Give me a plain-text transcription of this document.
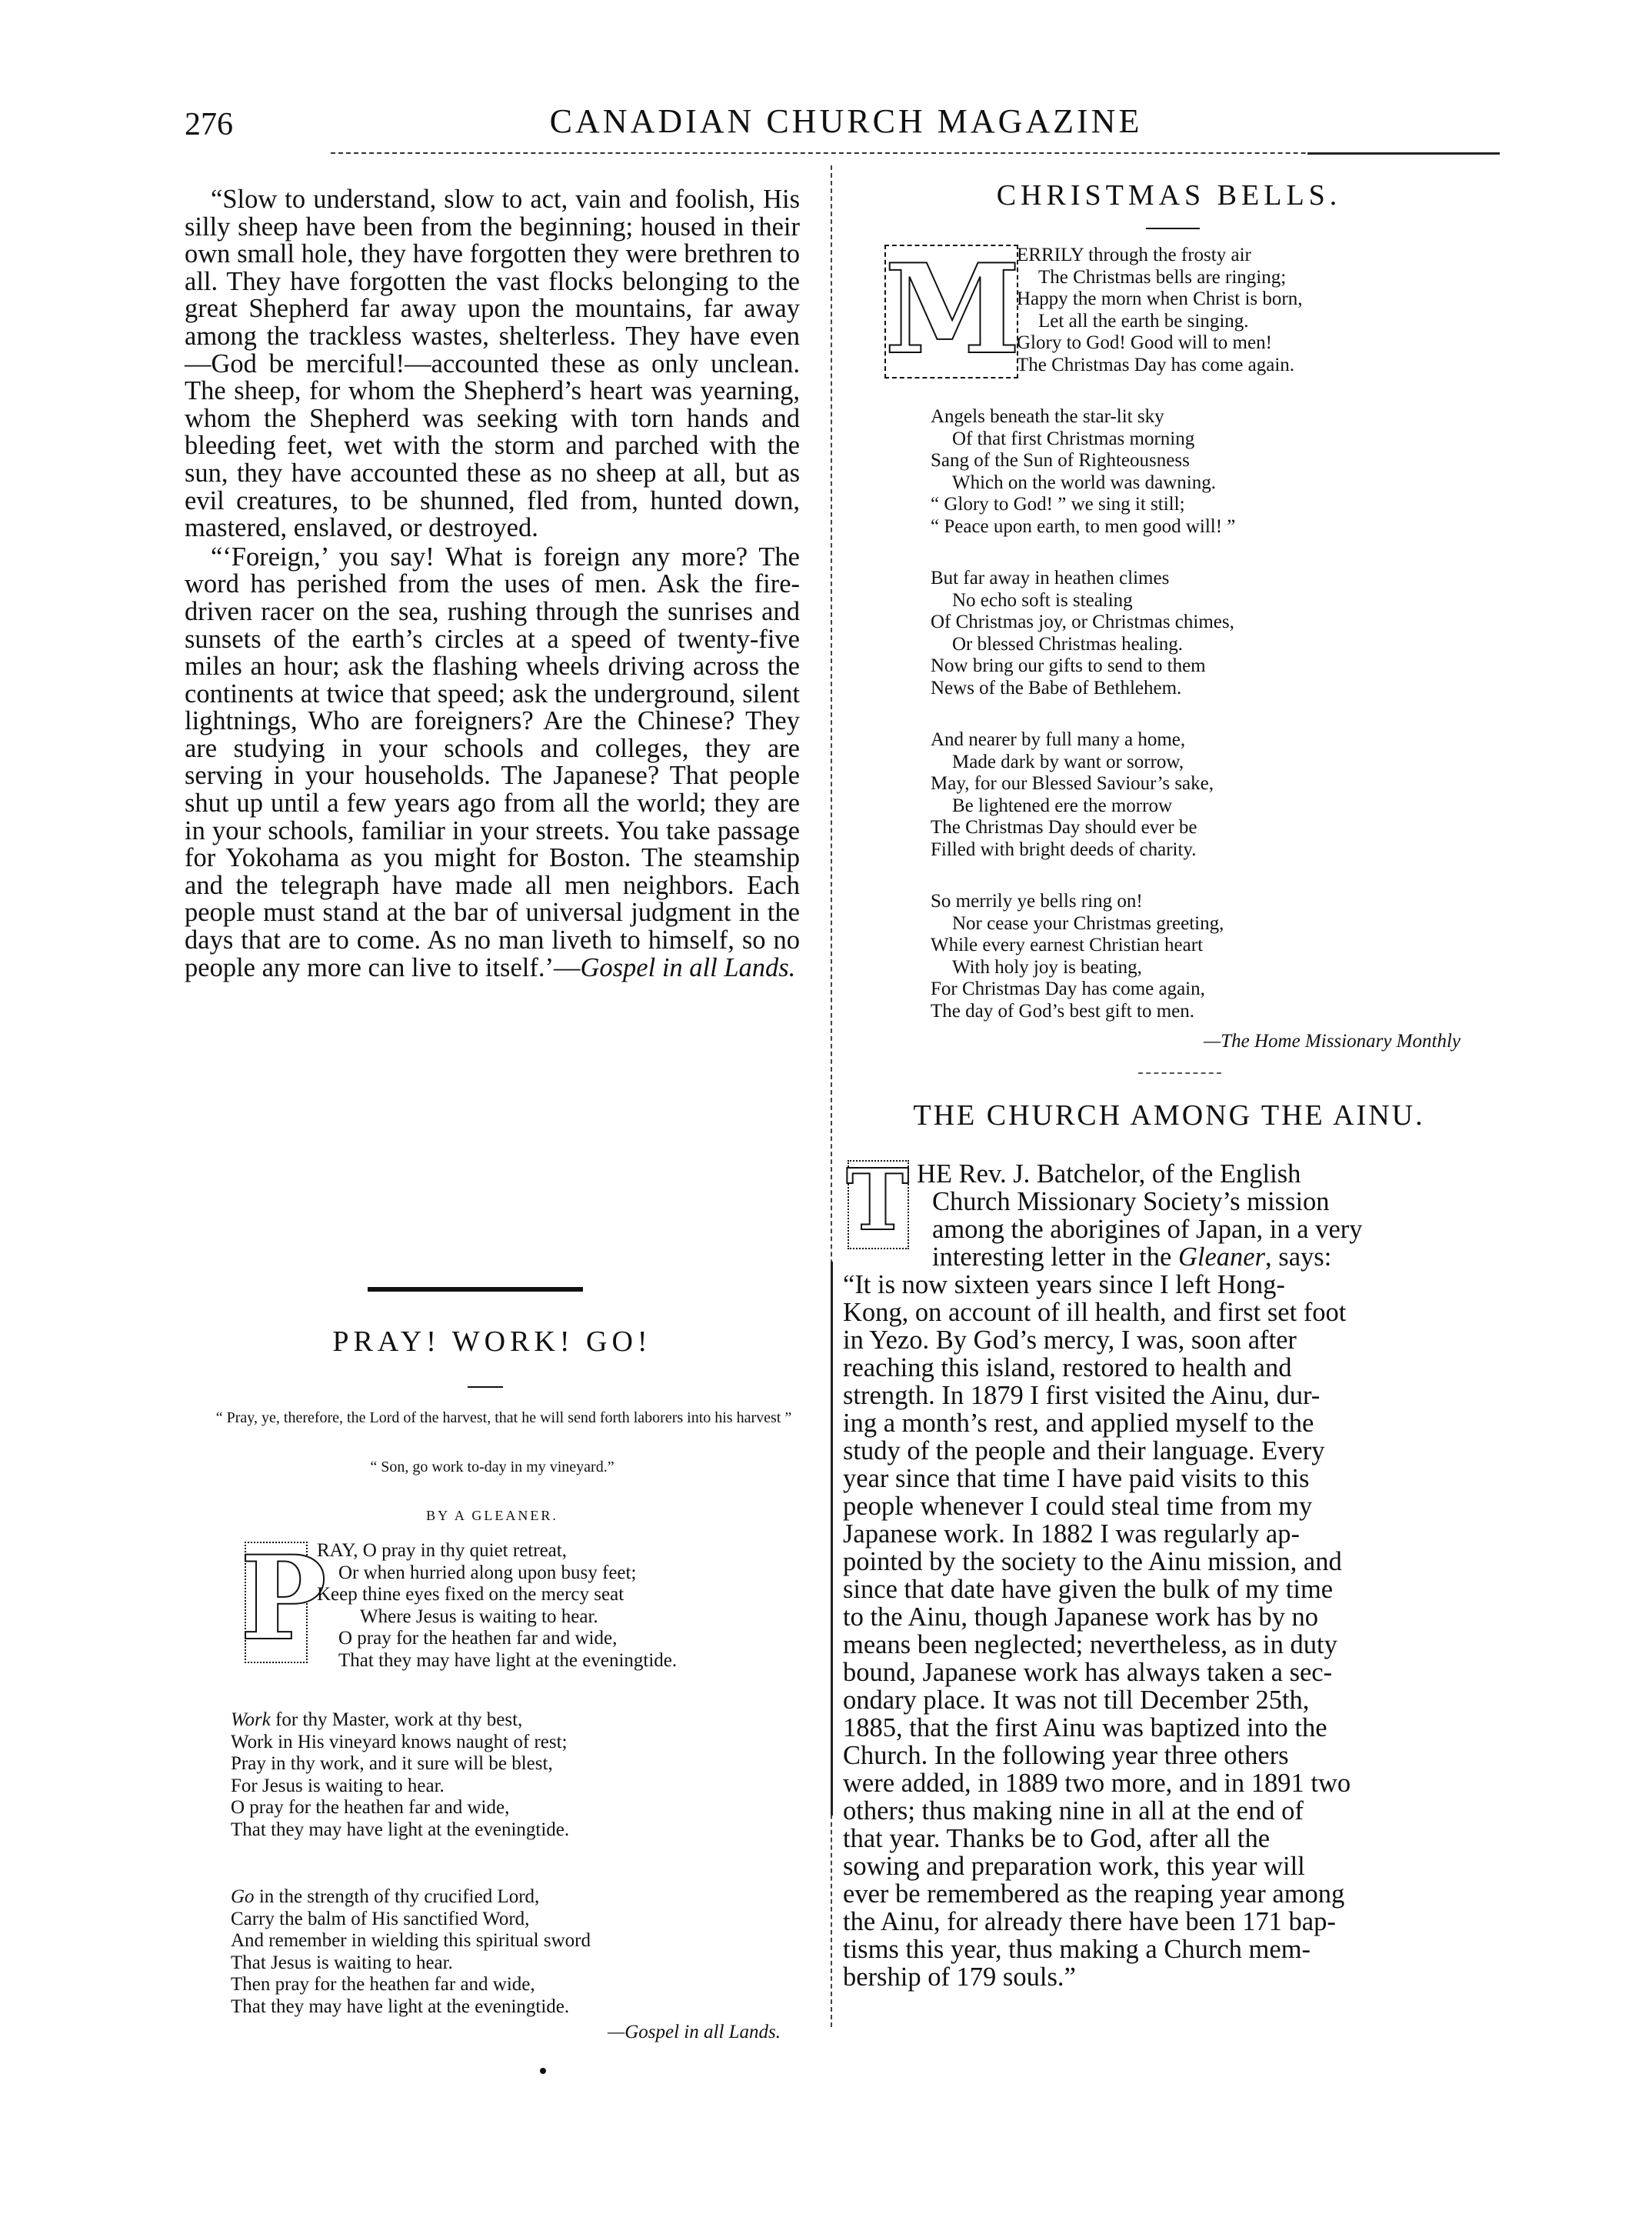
276	CANADIAN CHURCH MAGAZINE

“Slow to understand, slow to act, vain and foolish, His silly sheep have been from the beginning; housed in their own small hole, they have forgotten they were brethren to all. They have forgotten the vast flocks belonging to the great Shepherd far away upon the mountains, far away among the trackless wastes, shelterless. They have even—God be merciful!—accounted these as only unclean. The sheep, for whom the Shepherd’s heart was yearning, whom the Shepherd was seeking with torn hands and bleeding feet, wet with the storm and parched with the sun, they have accounted these as no sheep at all, but as evil creatures, to be shunned, fled from, hunted down, mastered, enslaved, or destroyed.

“‘Foreign,’ you say! What is foreign any more? The word has perished from the uses of men. Ask the fire-driven racer on the sea, rushing through the sunrises and sunsets of the earth’s circles at a speed of twenty-five miles an hour; ask the flashing wheels driving across the continents at twice that speed; ask the underground, silent lightnings, Who are foreigners? Are the Chinese? They are studying in your schools and colleges, they are serving in your households. The Japanese? That people shut up until a few years ago from all the world; they are in your schools, familiar in your streets. You take passage for Yokohama as you might for Boston. The steamship and the telegraph have made all men neighbors. Each people must stand at the bar of universal judgment in the days that are to come. As no man liveth to himself, so no people any more can live to itself.’—Gospel in all Lands.

PRAY! WORK! GO!
“ Pray, ye, therefore, the Lord of the harvest, that he will send forth laborers into his harvest ”
“ Son, go work to-day in my vineyard.”
BY A GLEANER.
P
RAY, O pray in thy quiet retreat,
Or when hurried along upon busy feet;
Keep thine eyes fixed on the mercy seat
Where Jesus is waiting to hear.
O pray for the heathen far and wide,
That they may have light at the eveningtide.
Work for thy Master, work at thy best,
Work in His vineyard knows naught of rest;
Pray in thy work, and it sure will be blest,
For Jesus is waiting to hear.
O pray for the heathen far and wide,
That they may have light at the eveningtide.
Go in the strength of thy crucified Lord,
Carry the balm of His sanctified Word,
And remember in wielding this spiritual sword
That Jesus is waiting to hear.
Then pray for the heathen far and wide,
That they may have light at the eveningtide.
—Gospel in all Lands.
CHRISTMAS BELLS.
M
ERRILY through the frosty air
The Christmas bells are ringing;
Happy the morn when Christ is born,
Let all the earth be singing.
Glory to God! Good will to men!
The Christmas Day has come again.
Angels beneath the star-lit sky
Of that first Christmas morning
Sang of the Sun of Righteousness
Which on the world was dawning.
“ Glory to God! ” we sing it still;
“ Peace upon earth, to men good will! ”
But far away in heathen climes
No echo soft is stealing
Of Christmas joy, or Christmas chimes,
Or blessed Christmas healing.
Now bring our gifts to send to them
News of the Babe of Bethlehem.
And nearer by full many a home,
Made dark by want or sorrow,
May, for our Blessed Saviour’s sake,
Be lightened ere the morrow
The Christmas Day should ever be
Filled with bright deeds of charity.
So merrily ye bells ring on!
Nor cease your Christmas greeting,
While every earnest Christian heart
With holy joy is beating,
For Christmas Day has come again,
The day of God’s best gift to men.
—The Home Missionary Monthly
THE CHURCH AMONG THE AINU.
T HE Rev. J. Batchelor, of the English
Church Missionary Society’s mission
among the aborigines of Japan, in a very
interesting letter in the Gleaner, says:
“It is now sixteen years since I left Hong-
Kong, on account of ill health, and first set foot
in Yezo. By God’s mercy, I was, soon after
reaching this island, restored to health and
strength. In 1879 I first visited the Ainu, dur-
ing a month’s rest, and applied myself to the
study of the people and their language. Every
year since that time I have paid visits to this
people whenever I could steal time from my
Japanese work. In 1882 I was regularly ap-
pointed by the society to the Ainu mission, and
since that date have given the bulk of my time
to the Ainu, though Japanese work has by no
means been neglected; nevertheless, as in duty
bound, Japanese work has always taken a sec-
ondary place. It was not till December 25th,
1885, that the first Ainu was baptized into the
Church. In the following year three others
were added, in 1889 two more, and in 1891 two
others; thus making nine in all at the end of
that year. Thanks be to God, after all the
sowing and preparation work, this year will
ever be remembered as the reaping year among
the Ainu, for already there have been 171 bap-
tisms this year, thus making a Church mem-
bership of 179 souls.”
